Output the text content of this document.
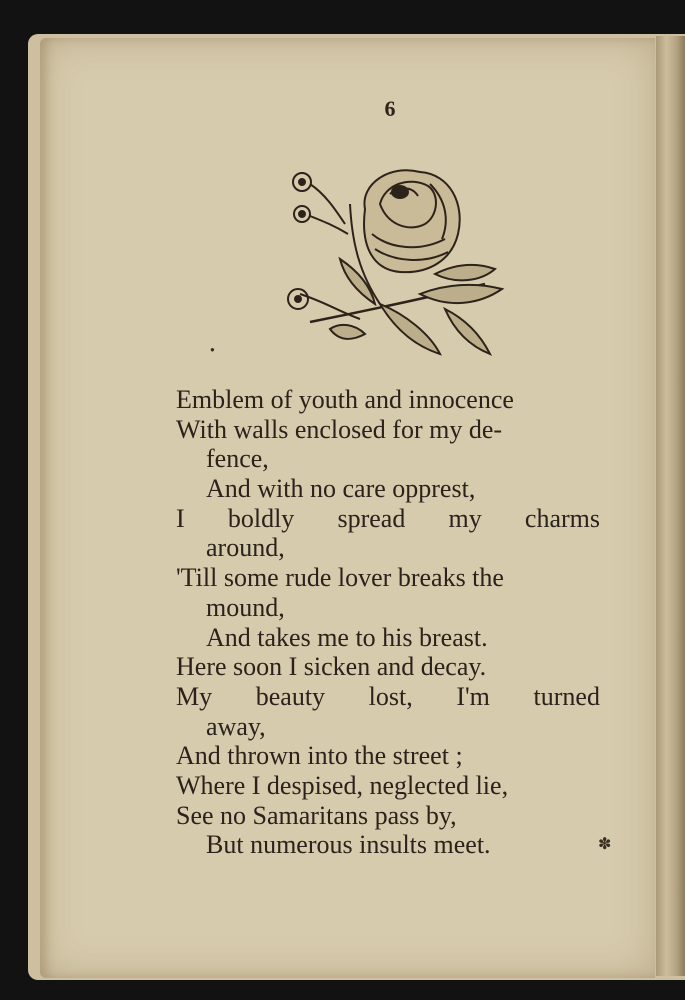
6

Emblem of youth and innocence

With walls enclosed for my de-

fence,

And with no care opprest,

I boldly spread my charms

around,

'Till some rude lover breaks the

mound,

And takes me to his breast.

Here soon I sicken and decay.

My beauty lost, I'm turned

away,

And thrown into the street ;

Where I despised, neglected lie,

See no Samaritans pass by,

But numerous insults meet.	✽
●
